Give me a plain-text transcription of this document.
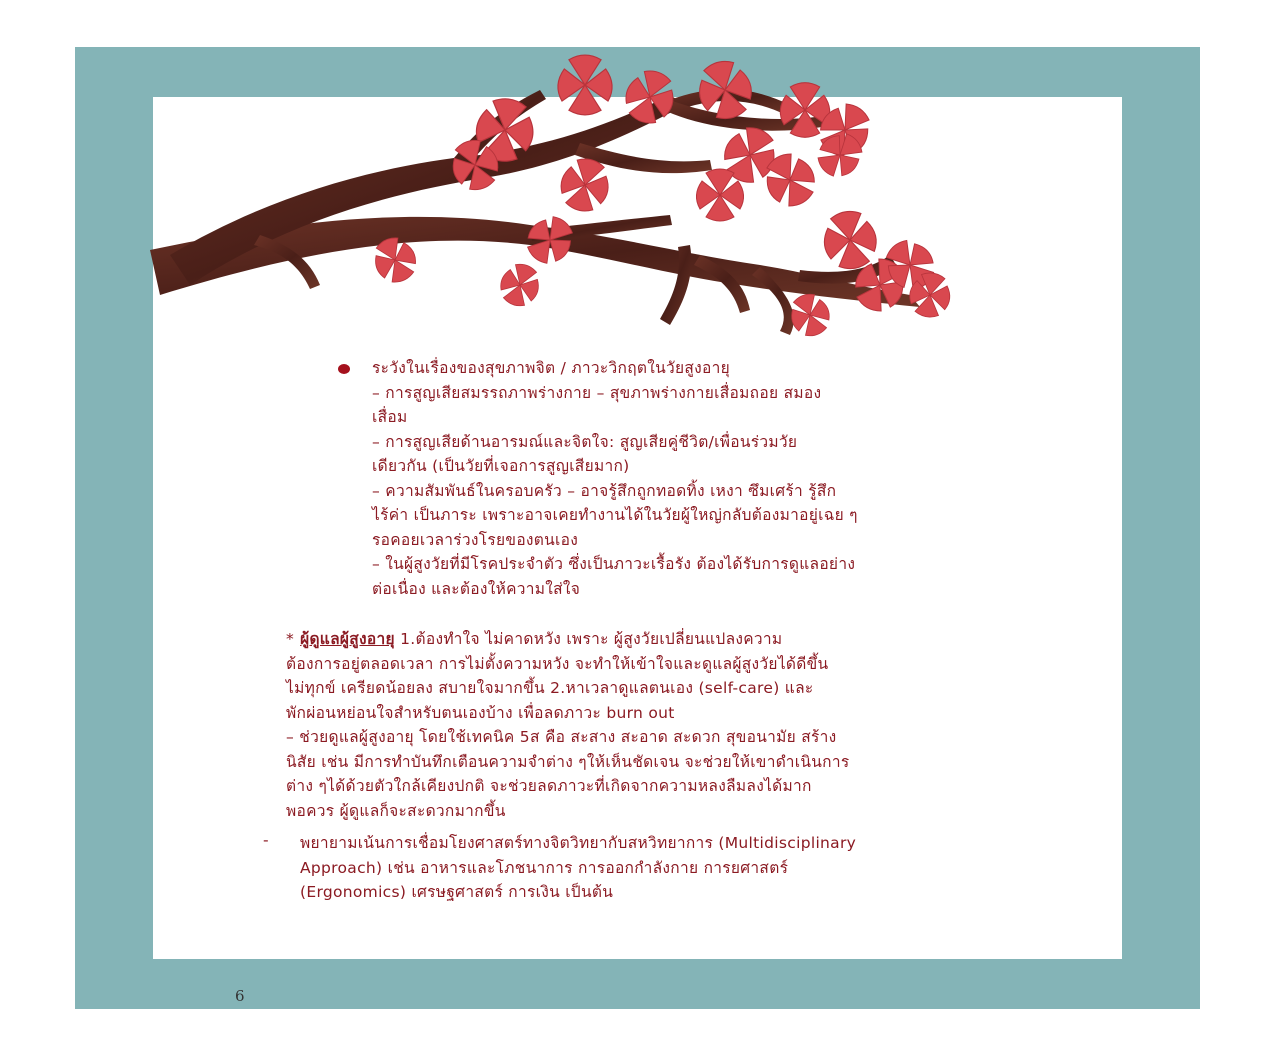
ระวังในเรื่องของสุขภาพจิต / ภาวะวิกฤตในวัยสูงอายุ
– การสูญเสียสมรรถภาพร่างกาย – สุขภาพร่างกายเสื่อมถอย สมอง
เสื่อม
– การสูญเสียด้านอารมณ์และจิตใจ: สูญเสียคู่ชีวิต/เพื่อนร่วมวัย
เดียวกัน (เป็นวัยที่เจอการสูญเสียมาก)
– ความสัมพันธ์ในครอบครัว – อาจรู้สึกถูกทอดทิ้ง เหงา ซึมเศร้า รู้สึก
ไร้ค่า เป็นภาระ เพราะอาจเคยทำงานได้ในวัยผู้ใหญ่กลับต้องมาอยู่เฉย ๆ
รอคอยเวลาร่วงโรยของตนเอง
– ในผู้สูงวัยที่มีโรคประจำตัว ซึ่งเป็นภาวะเรื้อรัง ต้องได้รับการดูแลอย่าง
ต่อเนื่อง และต้องให้ความใส่ใจ
* ผู้ดูแลผู้สูงอายุ 1.ต้องทำใจ ไม่คาดหวัง เพราะ ผู้สูงวัยเปลี่ยนแปลงความ
ต้องการอยู่ตลอดเวลา การไม่ตั้งความหวัง จะทำให้เข้าใจและดูแลผู้สูงวัยได้ดีขึ้น
ไม่ทุกข์ เครียดน้อยลง สบายใจมากขึ้น 2.หาเวลาดูแลตนเอง (self-care) และ
พักผ่อนหย่อนใจสำหรับตนเองบ้าง เพื่อลดภาวะ burn out
– ช่วยดูแลผู้สูงอายุ โดยใช้เทคนิค 5ส คือ สะสาง สะอาด สะดวก สุขอนามัย สร้าง
นิสัย เช่น มีการทำบันทึกเตือนความจำต่าง ๆให้เห็นชัดเจน จะช่วยให้เขาดำเนินการ
ต่าง ๆได้ด้วยตัวใกล้เคียงปกติ จะช่วยลดภาวะที่เกิดจากความหลงลืมลงได้มาก
พอควร ผู้ดูแลก็จะสะดวกมากขึ้น
- พยายามเน้นการเชื่อมโยงศาสตร์ทางจิตวิทยากับสหวิทยาการ (Multidisciplinary
Approach) เช่น อาหารและโภชนาการ การออกกำลังกาย การยศาสตร์
(Ergonomics) เศรษฐศาสตร์ การเงิน เป็นต้น
6
